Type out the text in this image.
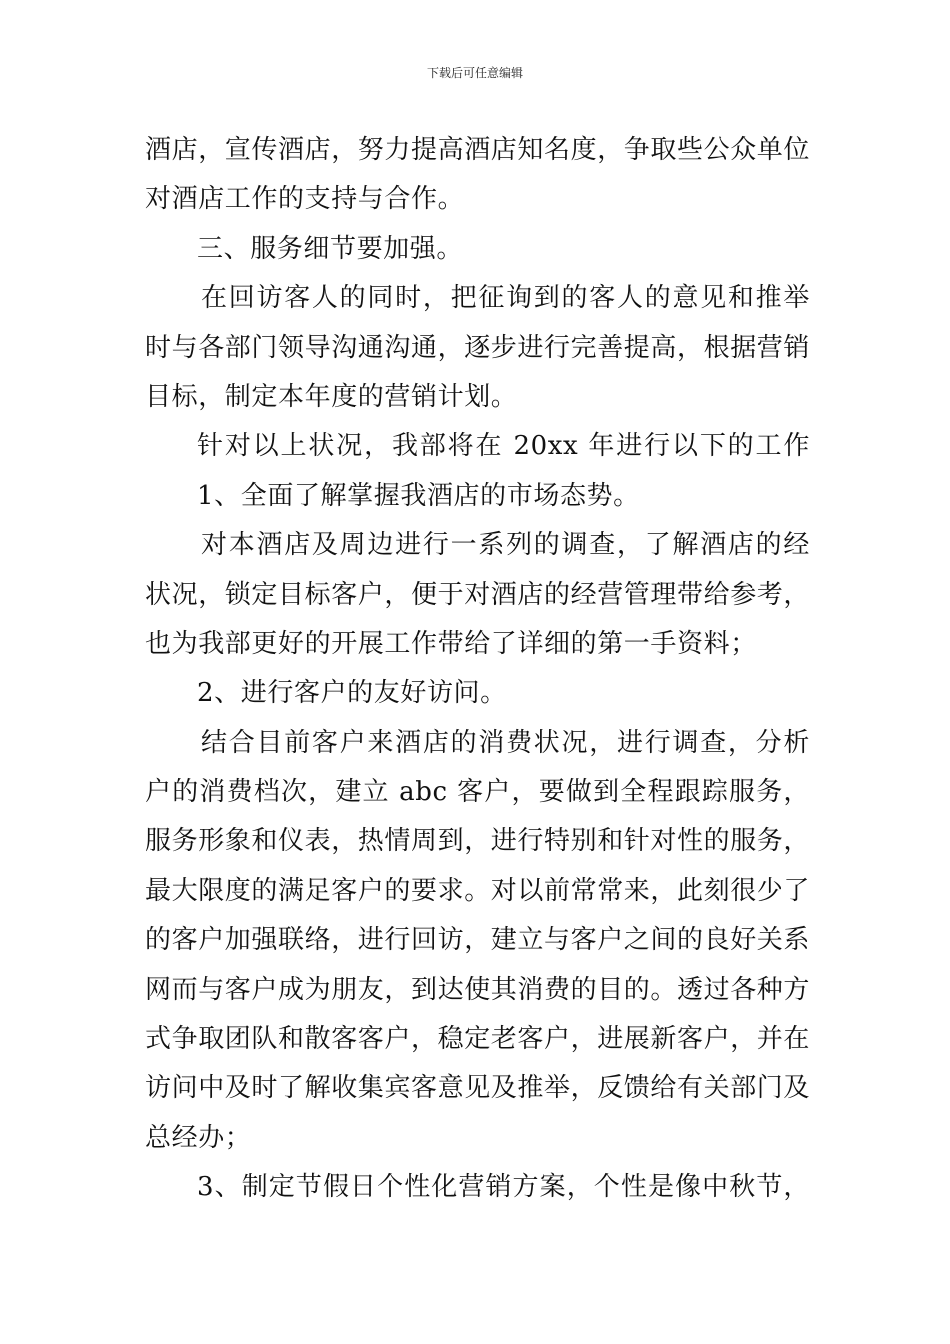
下载后可任意编辑
酒店，宣传酒店，努力提高酒店知名度，争取些公众单位
对酒店工作的支持与合作。
三、服务细节要加强。
在回访客人的同时，把征询到的客人的意见和推举
时与各部门领导沟通沟通，逐步进行完善提高，根据营销
目标，制定本年度的营销计划。
针对以上状况，我部将在 20xx 年进行以下的工作
1、全面了解掌握我酒店的市场态势。
对本酒店及周边进行一系列的调查，了解酒店的经
状况，锁定目标客户，便于对酒店的经营管理带给参考，
也为我部更好的开展工作带给了详细的第一手资料；
2、进行客户的友好访问。
结合目前客户来酒店的消费状况，进行调查，分析
户的消费档次，建立 abc 客户，要做到全程跟踪服务，
服务形象和仪表，热情周到，进行特别和针对性的服务，
最大限度的满足客户的要求。对以前常常来，此刻很少了
的客户加强联络，进行回访，建立与客户之间的良好关系
网而与客户成为朋友，到达使其消费的目的。透过各种方
式争取团队和散客客户，稳定老客户，进展新客户，并在
访问中及时了解收集宾客意见及推举，反馈给有关部门及
总经办；
3、制定节假日个性化营销方案，个性是像中秋节，
